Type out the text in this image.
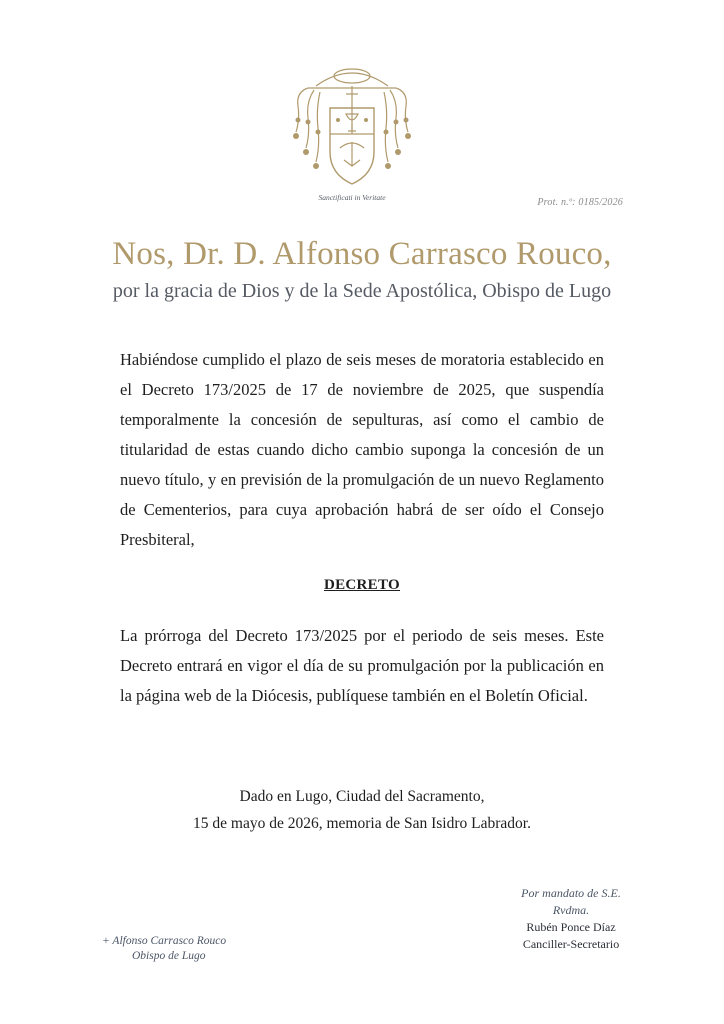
Sanctificati in Veritate	Prot. n.º: 0185/2026
Nos, Dr. D. Alfonso Carrasco Rouco,
por la gracia de Dios y de la Sede Apostólica, Obispo de Lugo
Habiéndose cumplido el plazo de seis meses de moratoria establecido en el Decreto 173/2025 de 17 de noviembre de 2025, que suspendía temporalmente la concesión de sepulturas, así como el cambio de titularidad de estas cuando dicho cambio suponga la concesión de un nuevo título, y en previsión de la promulgación de un nuevo Reglamento de Cementerios, para cuya aprobación habrá de ser oído el Consejo Presbiteral,
DECRETO
La prórroga del Decreto 173/2025 por el periodo de seis meses. Este Decreto entrará en vigor el día de su promulgación por la publicación en la página web de la Diócesis, publíquese también en el Boletín Oficial.
Dado en Lugo, Ciudad del Sacramento,
15 de mayo de 2026, memoria de San Isidro Labrador.
Por mandato de S.E. Rvdma.
Rubén Ponce Díaz
Canciller-Secretario
+ Alfonso Carrasco Rouco
Obispo de Lugo
